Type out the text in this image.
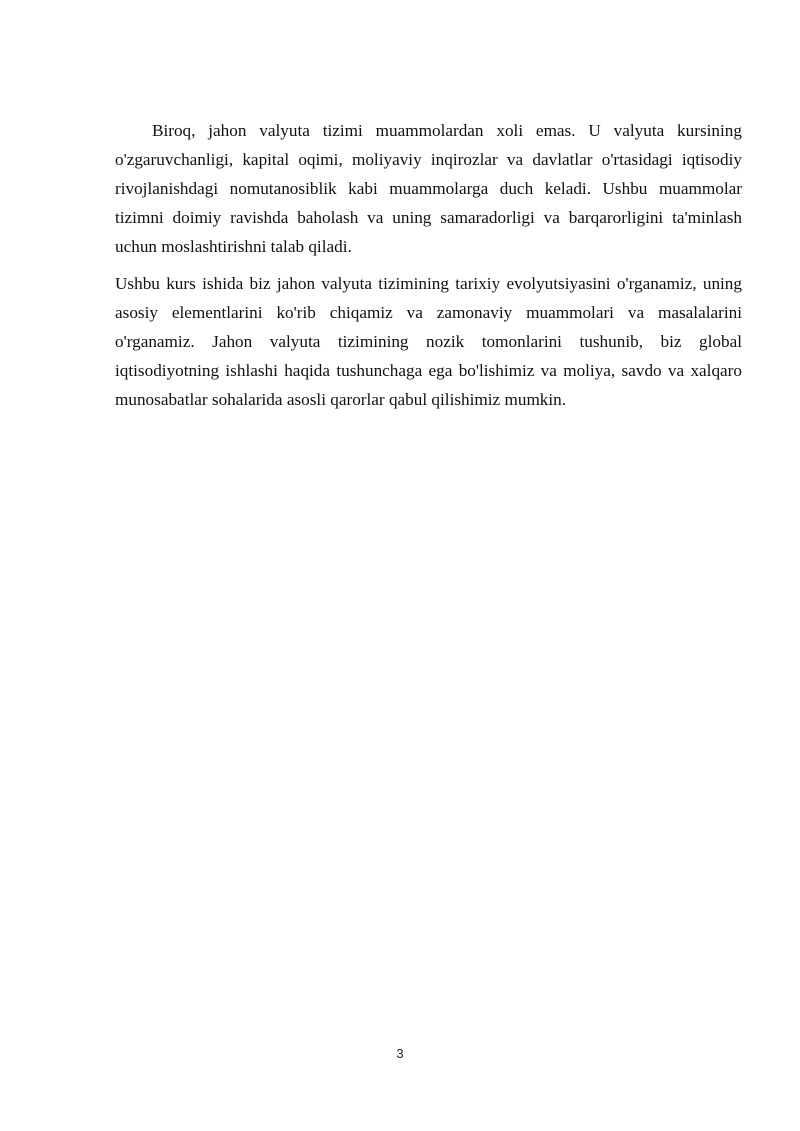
Biroq, jahon valyuta tizimi muammolardan xoli emas. U valyuta kursining o'zgaruvchanligi, kapital oqimi, moliyaviy inqirozlar va davlatlar o'rtasidagi iqtisodiy rivojlanishdagi nomutanosiblik kabi muammolarga duch keladi. Ushbu muammolar tizimni doimiy ravishda baholash va uning samaradorligi va barqarorligini ta'minlash uchun moslashtirishni talab qiladi.

Ushbu kurs ishida biz jahon valyuta tizimining tarixiy evolyutsiyasini o'rganamiz, uning asosiy elementlarini ko'rib chiqamiz va zamonaviy muammolari va masalalarini o'rganamiz. Jahon valyuta tizimining nozik tomonlarini tushunib, biz global iqtisodiyotning ishlashi haqida tushunchaga ega bo'lishimiz va moliya, savdo va xalqaro munosabatlar sohalarida asosli qarorlar qabul qilishimiz mumkin.

3
